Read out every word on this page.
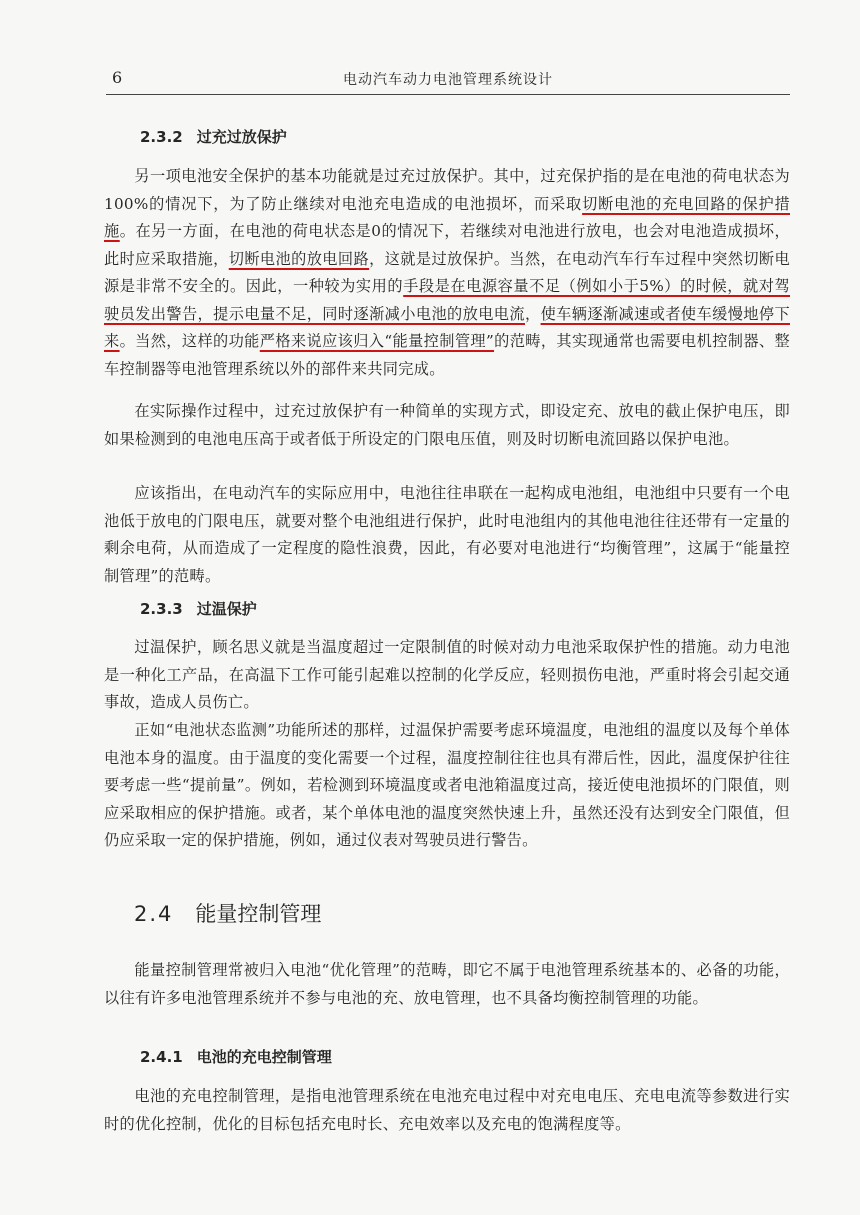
6	电动汽车动力电池管理系统设计
2.3.2 过充过放保护

另一项电池安全保护的基本功能就是过充过放保护。其中，过充保护指的是在电池的荷电状态为100%的情况下，为了防止继续对电池充电造成的电池损坏，而采取切断电池的充电回路的保护措施。在另一方面，在电池的荷电状态是0的情况下，若继续对电池进行放电，也会对电池造成损坏，此时应采取措施，切断电池的放电回路，这就是过放保护。当然，在电动汽车行车过程中突然切断电源是非常不安全的。因此，一种较为实用的手段是在电源容量不足（例如小于5%）的时候，就对驾驶员发出警告，提示电量不足，同时逐渐减小电池的放电电流，使车辆逐渐减速或者使车缓慢地停下来。当然，这样的功能严格来说应该归入“能量控制管理”的范畴，其实现通常也需要电机控制器、整车控制器等电池管理系统以外的部件来共同完成。

在实际操作过程中，过充过放保护有一种简单的实现方式，即设定充、放电的截止保护电压，即如果检测到的电池电压高于或者低于所设定的门限电压值，则及时切断电流回路以保护电池。

应该指出，在电动汽车的实际应用中，电池往往串联在一起构成电池组，电池组中只要有一个电池低于放电的门限电压，就要对整个电池组进行保护，此时电池组内的其他电池往往还带有一定量的剩余电荷，从而造成了一定程度的隐性浪费，因此，有必要对电池进行“均衡管理”，这属于“能量控制管理”的范畴。

2.3.3 过温保护

过温保护，顾名思义就是当温度超过一定限制值的时候对动力电池采取保护性的措施。动力电池是一种化工产品，在高温下工作可能引起难以控制的化学反应，轻则损伤电池，严重时将会引起交通事故，造成人员伤亡。

正如“电池状态监测”功能所述的那样，过温保护需要考虑环境温度，电池组的温度以及每个单体电池本身的温度。由于温度的变化需要一个过程，温度控制往往也具有滞后性，因此，温度保护往往要考虑一些“提前量”。例如，若检测到环境温度或者电池箱温度过高，接近使电池损坏的门限值，则应采取相应的保护措施。或者，某个单体电池的温度突然快速上升，虽然还没有达到安全门限值，但仍应采取一定的保护措施，例如，通过仪表对驾驶员进行警告。

2.4 能量控制管理

能量控制管理常被归入电池“优化管理”的范畴，即它不属于电池管理系统基本的、必备的功能，以往有许多电池管理系统并不参与电池的充、放电管理，也不具备均衡控制管理的功能。

2.4.1 电池的充电控制管理

电池的充电控制管理，是指电池管理系统在电池充电过程中对充电电压、充电电流等参数进行实时的优化控制，优化的目标包括充电时长、充电效率以及充电的饱满程度等。
